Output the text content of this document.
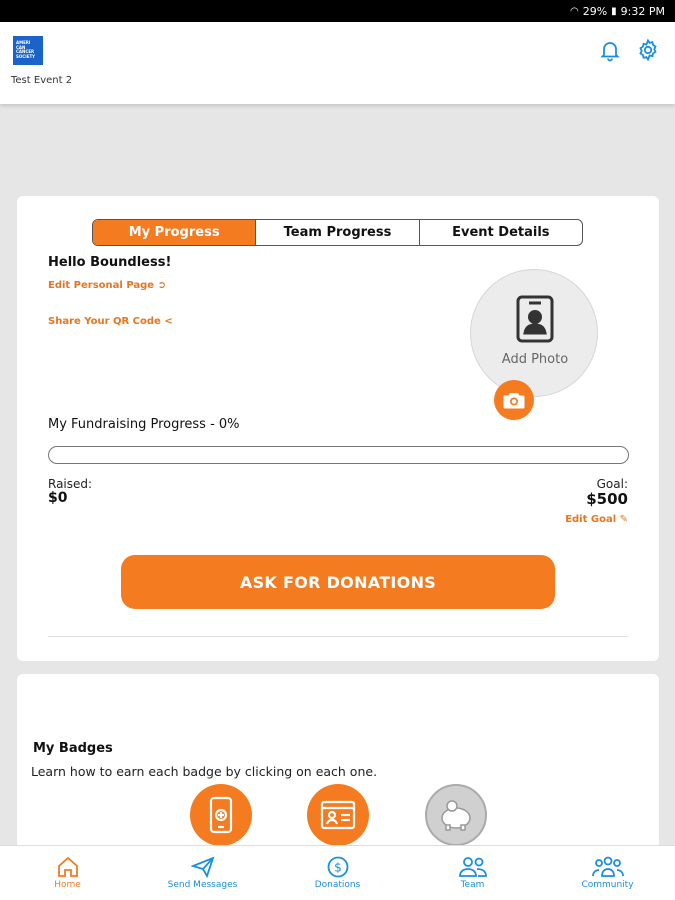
◠ 29% ▮ 9:32 PM
AMERI
CAN
CANCER
SOCIETY
Test Event 2
My Progress	Team Progress	Event Details
Hello Boundless!
Edit Personal Page ➲
Share Your QR Code <
Add Photo
My Fundraising Progress - 0%
Raised:
$0
Goal:
$500
Edit Goal ✎
ASK FOR DONATIONS
My Badges
Learn how to earn each badge by clicking on each one.
Home	Send Messages
$
Donations	Team	Community
